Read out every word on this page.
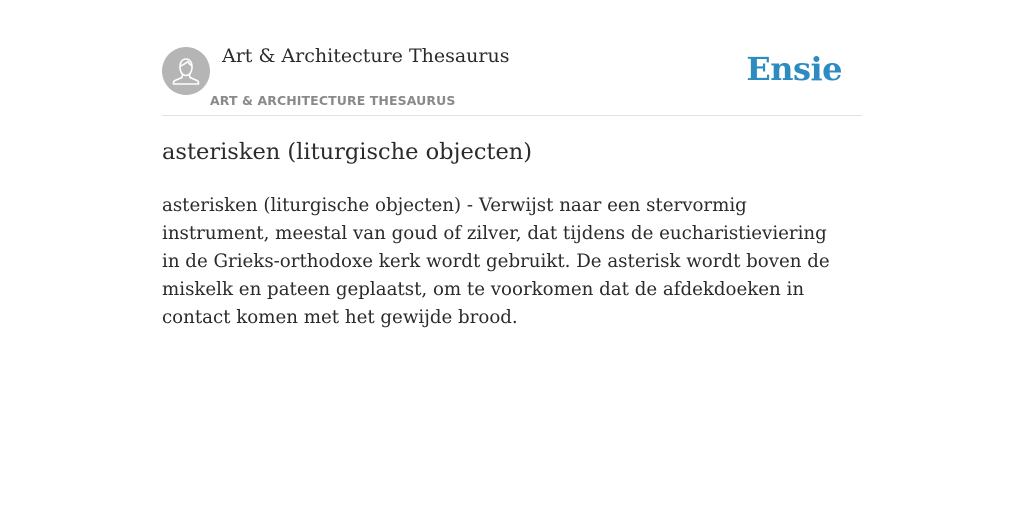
Art & Architecture Thesaurus
ART & ARCHITECTURE THESAURUS
Ensie
asterisken (liturgische objecten)

asterisken (liturgische objecten) - Verwijst naar een stervormig instrument, meestal van goud of zilver, dat tijdens de eucharistieviering in de Grieks-orthodoxe kerk wordt gebruikt. De asterisk wordt boven de miskelk en pateen geplaatst, om te voorkomen dat de afdekdoeken in contact komen met het gewijde brood.
